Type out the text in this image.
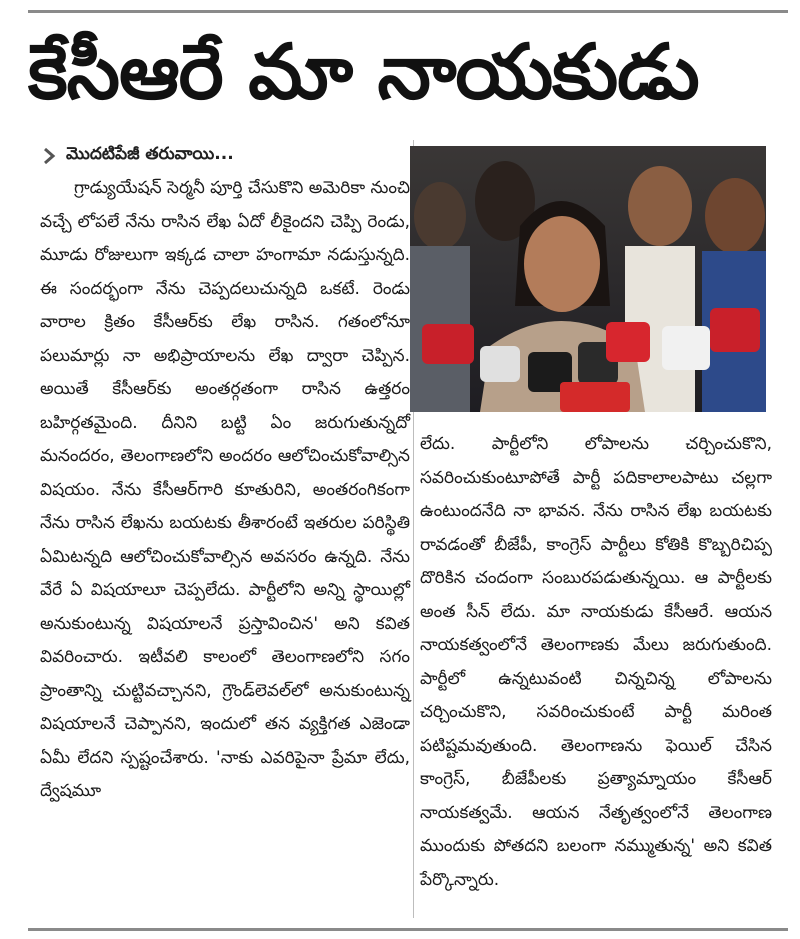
కేసీఆరే మా నాయకుడు
మొదటిపేజీ తరువాయి...

గ్రాడ్యుయేషన్ సెర్మనీ పూర్తి చేసుకొని అమెరికా నుంచి వచ్చే లోపలే నేను రాసిన లేఖ ఏదో లీకైందని చెప్పి రెండు, మూడు రోజులుగా ఇక్కడ చాలా హంగామా నడుస్తున్నది. ఈ సందర్భంగా నేను చెప్పదలుచున్నది ఒకటే. రెండు వారాల క్రితం కేసీఆర్‌కు లేఖ రాసిన. గతంలోనూ పలుమార్లు నా అభిప్రాయాలను లేఖ ద్వారా చెప్పిన. అయితే కేసీఆర్‌కు అంతర్గతంగా రాసిన ఉత్తరం బహిర్గతమైంది. దీనిని బట్టి ఏం జరుగుతున్నదో మనందరం, తెలంగాణలోని అందరం ఆలోచించుకోవాల్సిన విషయం. నేను కేసీఆర్‌గారి కూతురిని, అంతరంగికంగా నేను రాసిన లేఖను బయటకు తీశారంటే ఇతరుల పరిస్థితి ఏమిటన్నది ఆలోచించుకోవాల్సిన అవసరం ఉన్నది. నేను వేరే ఏ విషయాలూ చెప్పలేదు. పార్టీలోని అన్ని స్థాయిల్లో అనుకుంటున్న విషయాలనే ప్రస్తావించిన' అని కవిత వివరించారు. ఇటీవలి కాలంలో తెలంగాణలోని సగం ప్రాంతాన్ని చుట్టివచ్చానని, గ్రౌండ్‌లెవల్‌లో అనుకుంటున్న విషయాలనే చెప్పానని, ఇందులో తన వ్యక్తిగత ఎజెండా ఏమీ లేదని స్పష్టంచేశారు. 'నాకు ఎవరిపైనా ప్రేమా లేదు, ద్వేషమూ

లేదు. పార్టీలోని లోపాలను చర్చించుకొని, సవరించుకుంటూపోతే పార్టీ పదికాలాలపాటు చల్లగా ఉంటుందనేది నా భావన. నేను రాసిన లేఖ బయటకు రావడంతో బీజేపీ, కాంగ్రెస్ పార్టీలు కోతికి కొబ్బరిచిప్ప దొరికిన చందంగా సంబురపడుతున్నయి. ఆ పార్టీలకు అంత సీన్ లేదు. మా నాయకుడు కేసీఆరే. ఆయన నాయకత్వంలోనే తెలంగాణకు మేలు జరుగుతుంది. పార్టీలో ఉన్నటువంటి చిన్నచిన్న లోపాలను చర్చించుకొని, సవరించుకుంటే పార్టీ మరింత పటిష్టమవుతుంది. తెలంగాణను ఫెయిల్ చేసిన కాంగ్రెస్, బీజేపీలకు ప్రత్యామ్నాయం కేసీఆర్ నాయకత్వమే. ఆయన నేతృత్వంలోనే తెలంగాణ ముందుకు పోతదని బలంగా నమ్ముతున్న' అని కవిత పేర్కొన్నారు.
